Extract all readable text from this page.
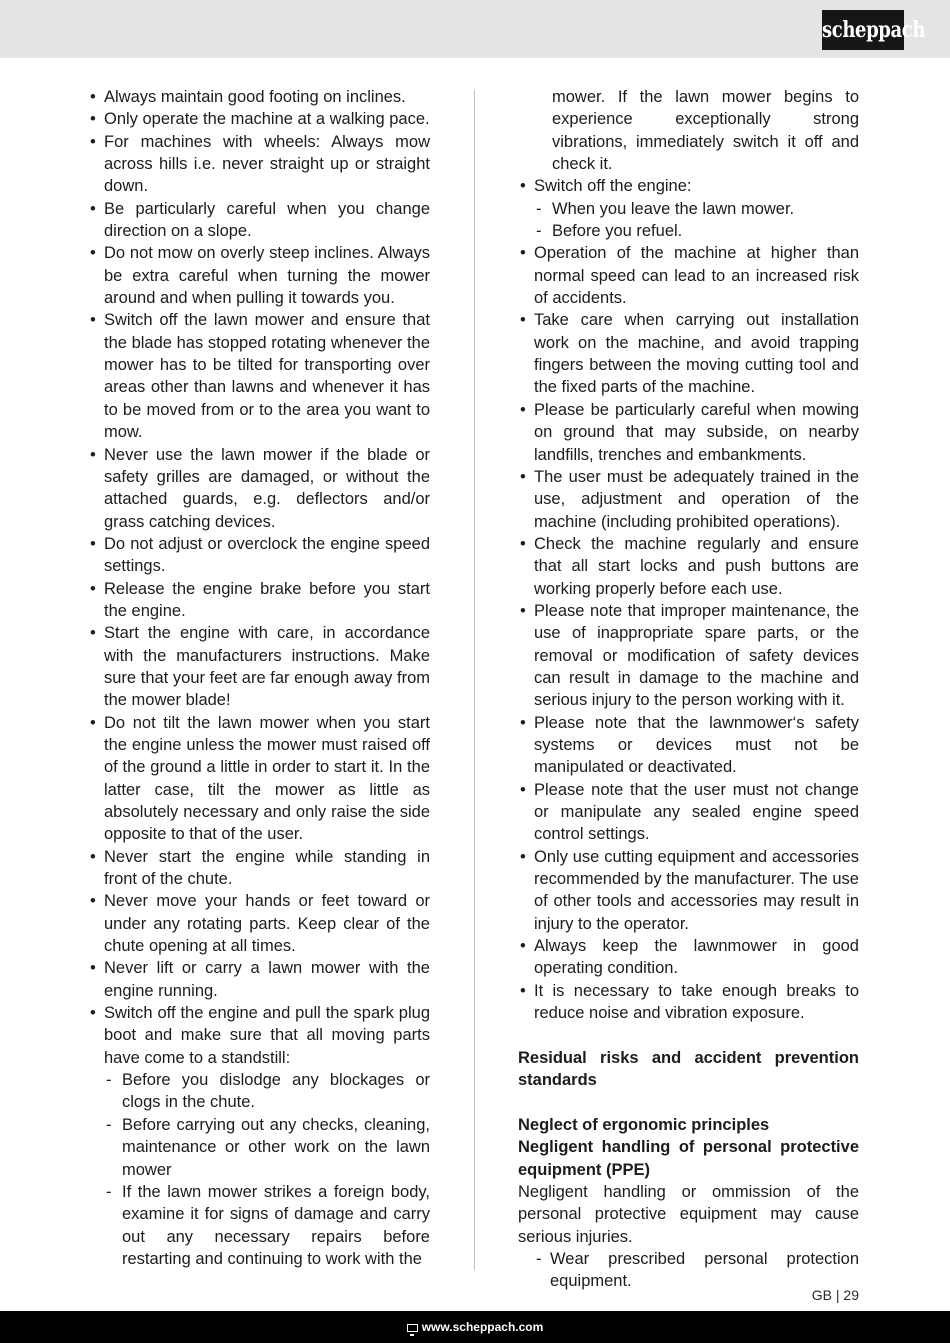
scheppach
• Always maintain good footing on inclines.
• Only operate the machine at a walking pace.
• For machines with wheels: Always mow across hills i.e. never straight up or straight down.
• Be particularly careful when you change direction on a slope.
• Do not mow on overly steep inclines. Always be extra careful when turning the mower around and when pulling it towards you.
• Switch off the lawn mower and ensure that the blade has stopped rotating whenever the mower has to be tilted for transporting over areas other than lawns and whenever it has to be moved from or to the area you want to mow.
• Never use the lawn mower if the blade or safety grilles are damaged, or without the attached guards, e.g. deflectors and/or grass catching devices.
• Do not adjust or overclock the engine speed settings.
• Release the engine brake before you start the engine.
• Start the engine with care, in accordance with the manufacturers instructions. Make sure that your feet are far enough away from the mower blade!
• Do not tilt the lawn mower when you start the engine unless the mower must raised off of the ground a little in order to start it. In the latter case, tilt the mower as little as absolutely necessary and only raise the side opposite to that of the user.
• Never start the engine while standing in front of the chute.
• Never move your hands or feet toward or under any rotating parts. Keep clear of the chute opening at all times.
• Never lift or carry a lawn mower with the engine running.
• Switch off the engine and pull the spark plug boot and make sure that all moving parts have come to a standstill:
- Before you dislodge any blockages or clogs in the chute.
- Before carrying out any checks, cleaning, maintenance or other work on the lawn mower
- If the lawn mower strikes a foreign body, examine it for signs of damage and carry out any necessary repairs before restarting and continuing to work with the
mower. If the lawn mower begins to experience exceptionally strong vibrations, immediately switch it off and check it.
• Switch off the engine:
- When you leave the lawn mower.
- Before you refuel.
• Operation of the machine at higher than normal speed can lead to an increased risk of accidents.
• Take care when carrying out installation work on the machine, and avoid trapping fingers between the moving cutting tool and the fixed parts of the machine.
• Please be particularly careful when mowing on ground that may subside, on nearby landfills, trenches and embankments.
• The user must be adequately trained in the use, adjustment and operation of the machine (including prohibited operations).
• Check the machine regularly and ensure that all start locks and push buttons are working properly before each use.
• Please note that improper maintenance, the use of inappropriate spare parts, or the removal or modification of safety devices can result in damage to the machine and serious injury to the person working with it.
• Please note that the lawnmower‘s safety systems or devices must not be manipulated or deactivated.
• Please note that the user must not change or manipulate any sealed engine speed control settings.
• Only use cutting equipment and accessories recommended by the manufacturer. The use of other tools and accessories may result in injury to the operator.
• Always keep the lawnmower in good operating condition.
• It is necessary to take enough breaks to reduce noise and vibration exposure.
Residual risks and accident prevention standards
Neglect of ergonomic principles
Negligent handling of personal protective equipment (PPE)
Negligent handling or ommission of the personal protective equipment may cause serious injuries.
- Wear prescribed personal protection equipment.
GB | 29
www.scheppach.com
